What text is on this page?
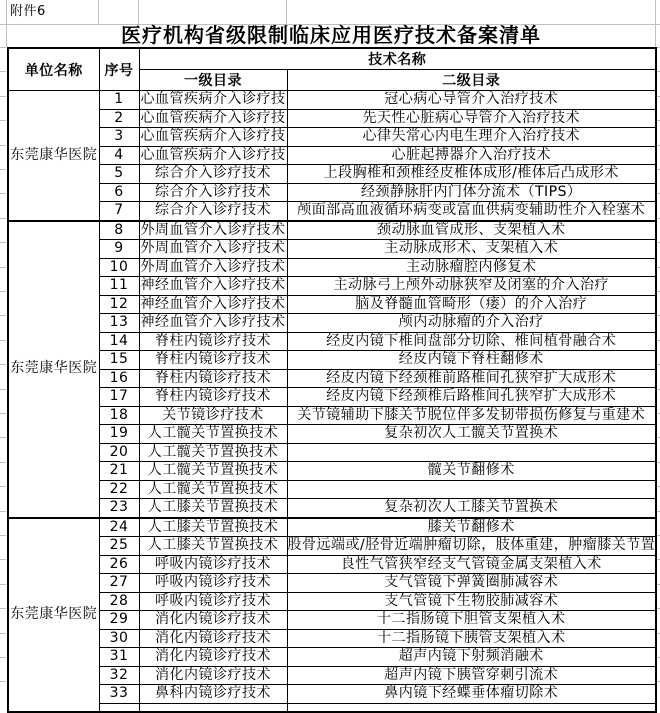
附件6
医疗机构省级限制临床应用医疗技术备案清单
单位名称	序号	技术名称	
		一级目录	二级目录
东莞康华医院	1	心血管疾病介入诊疗技	冠心病心导管介入治疗技术
	2	心血管疾病介入诊疗技	先天性心脏病心导管介入治疗技术
	3	心血管疾病介入诊疗技	心律失常心内电生理介入治疗技术
	4	心血管疾病介入诊疗技	心脏起搏器介入治疗技术
	5	综合介入诊疗技术	上段胸椎和颈椎经皮椎体成形/椎体后凸成形术
	6	综合介入诊疗技术	经颈静脉肝内门体分流术（TIPS）
	7	综合介入诊疗技术	颅面部高血液循环病变或富血供病变辅助性介入栓塞术
东莞康华医院	8	外周血管介入诊疗技术	颈动脉血管成形、支架植入术
	9	外周血管介入诊疗技术	主动脉成形术、支架植入术
	10	外周血管介入诊疗技术	主动脉瘤腔内修复术
	11	神经血管介入诊疗技术	主动脉弓上颅外动脉狭窄及闭塞的介入治疗
	12	神经血管介入诊疗技术	脑及脊髓血管畸形（瘘）的介入治疗
	13	神经血管介入诊疗技术	颅内动脉瘤的介入治疗
	14	脊柱内镜诊疗技术	经皮内镜下椎间盘部分切除、椎间植骨融合术
	15	脊柱内镜诊疗技术	经皮内镜下脊柱翻修术
	16	脊柱内镜诊疗技术	经皮内镜下经颈椎前路椎间孔狭窄扩大成形术
	17	脊柱内镜诊疗技术	经皮内镜下经颈椎后路椎间孔狭窄扩大成形术
	18	关节镜诊疗技术	关节镜辅助下膝关节脱位伴多发韧带损伤修复与重建术
	19	人工髋关节置换技术	复杂初次人工髋关节置换术
	20	人工髋关节置换技术	
	21	人工髋关节置换技术	髋关节翻修术
	22	人工髋关节置换技术	
	23	人工膝关节置换技术	复杂初次人工膝关节置换术
东莞康华医院	24	人工膝关节置换技术	膝关节翻修术
	25	人工膝关节置换技术	股骨远端或/胫骨近端肿瘤切除，肢体重建，肿瘤膝关节置
	26	呼吸内镜诊疗技术	良性气管狭窄经支气管镜金属支架植入术
	27	呼吸内镜诊疗技术	支气管镜下弹簧圈肺减容术
	28	呼吸内镜诊疗技术	支气管镜下生物胶肺减容术
	29	消化内镜诊疗技术	十二指肠镜下胆管支架植入术
	30	消化内镜诊疗技术	十二指肠镜下胰管支架植入术
	31	消化内镜诊疗技术	超声内镜下射频消融术
	32	消化内镜诊疗技术	超声内镜下胰管穿刺引流术
	33	鼻科内镜诊疗技术	鼻内镜下经蝶垂体瘤切除术
